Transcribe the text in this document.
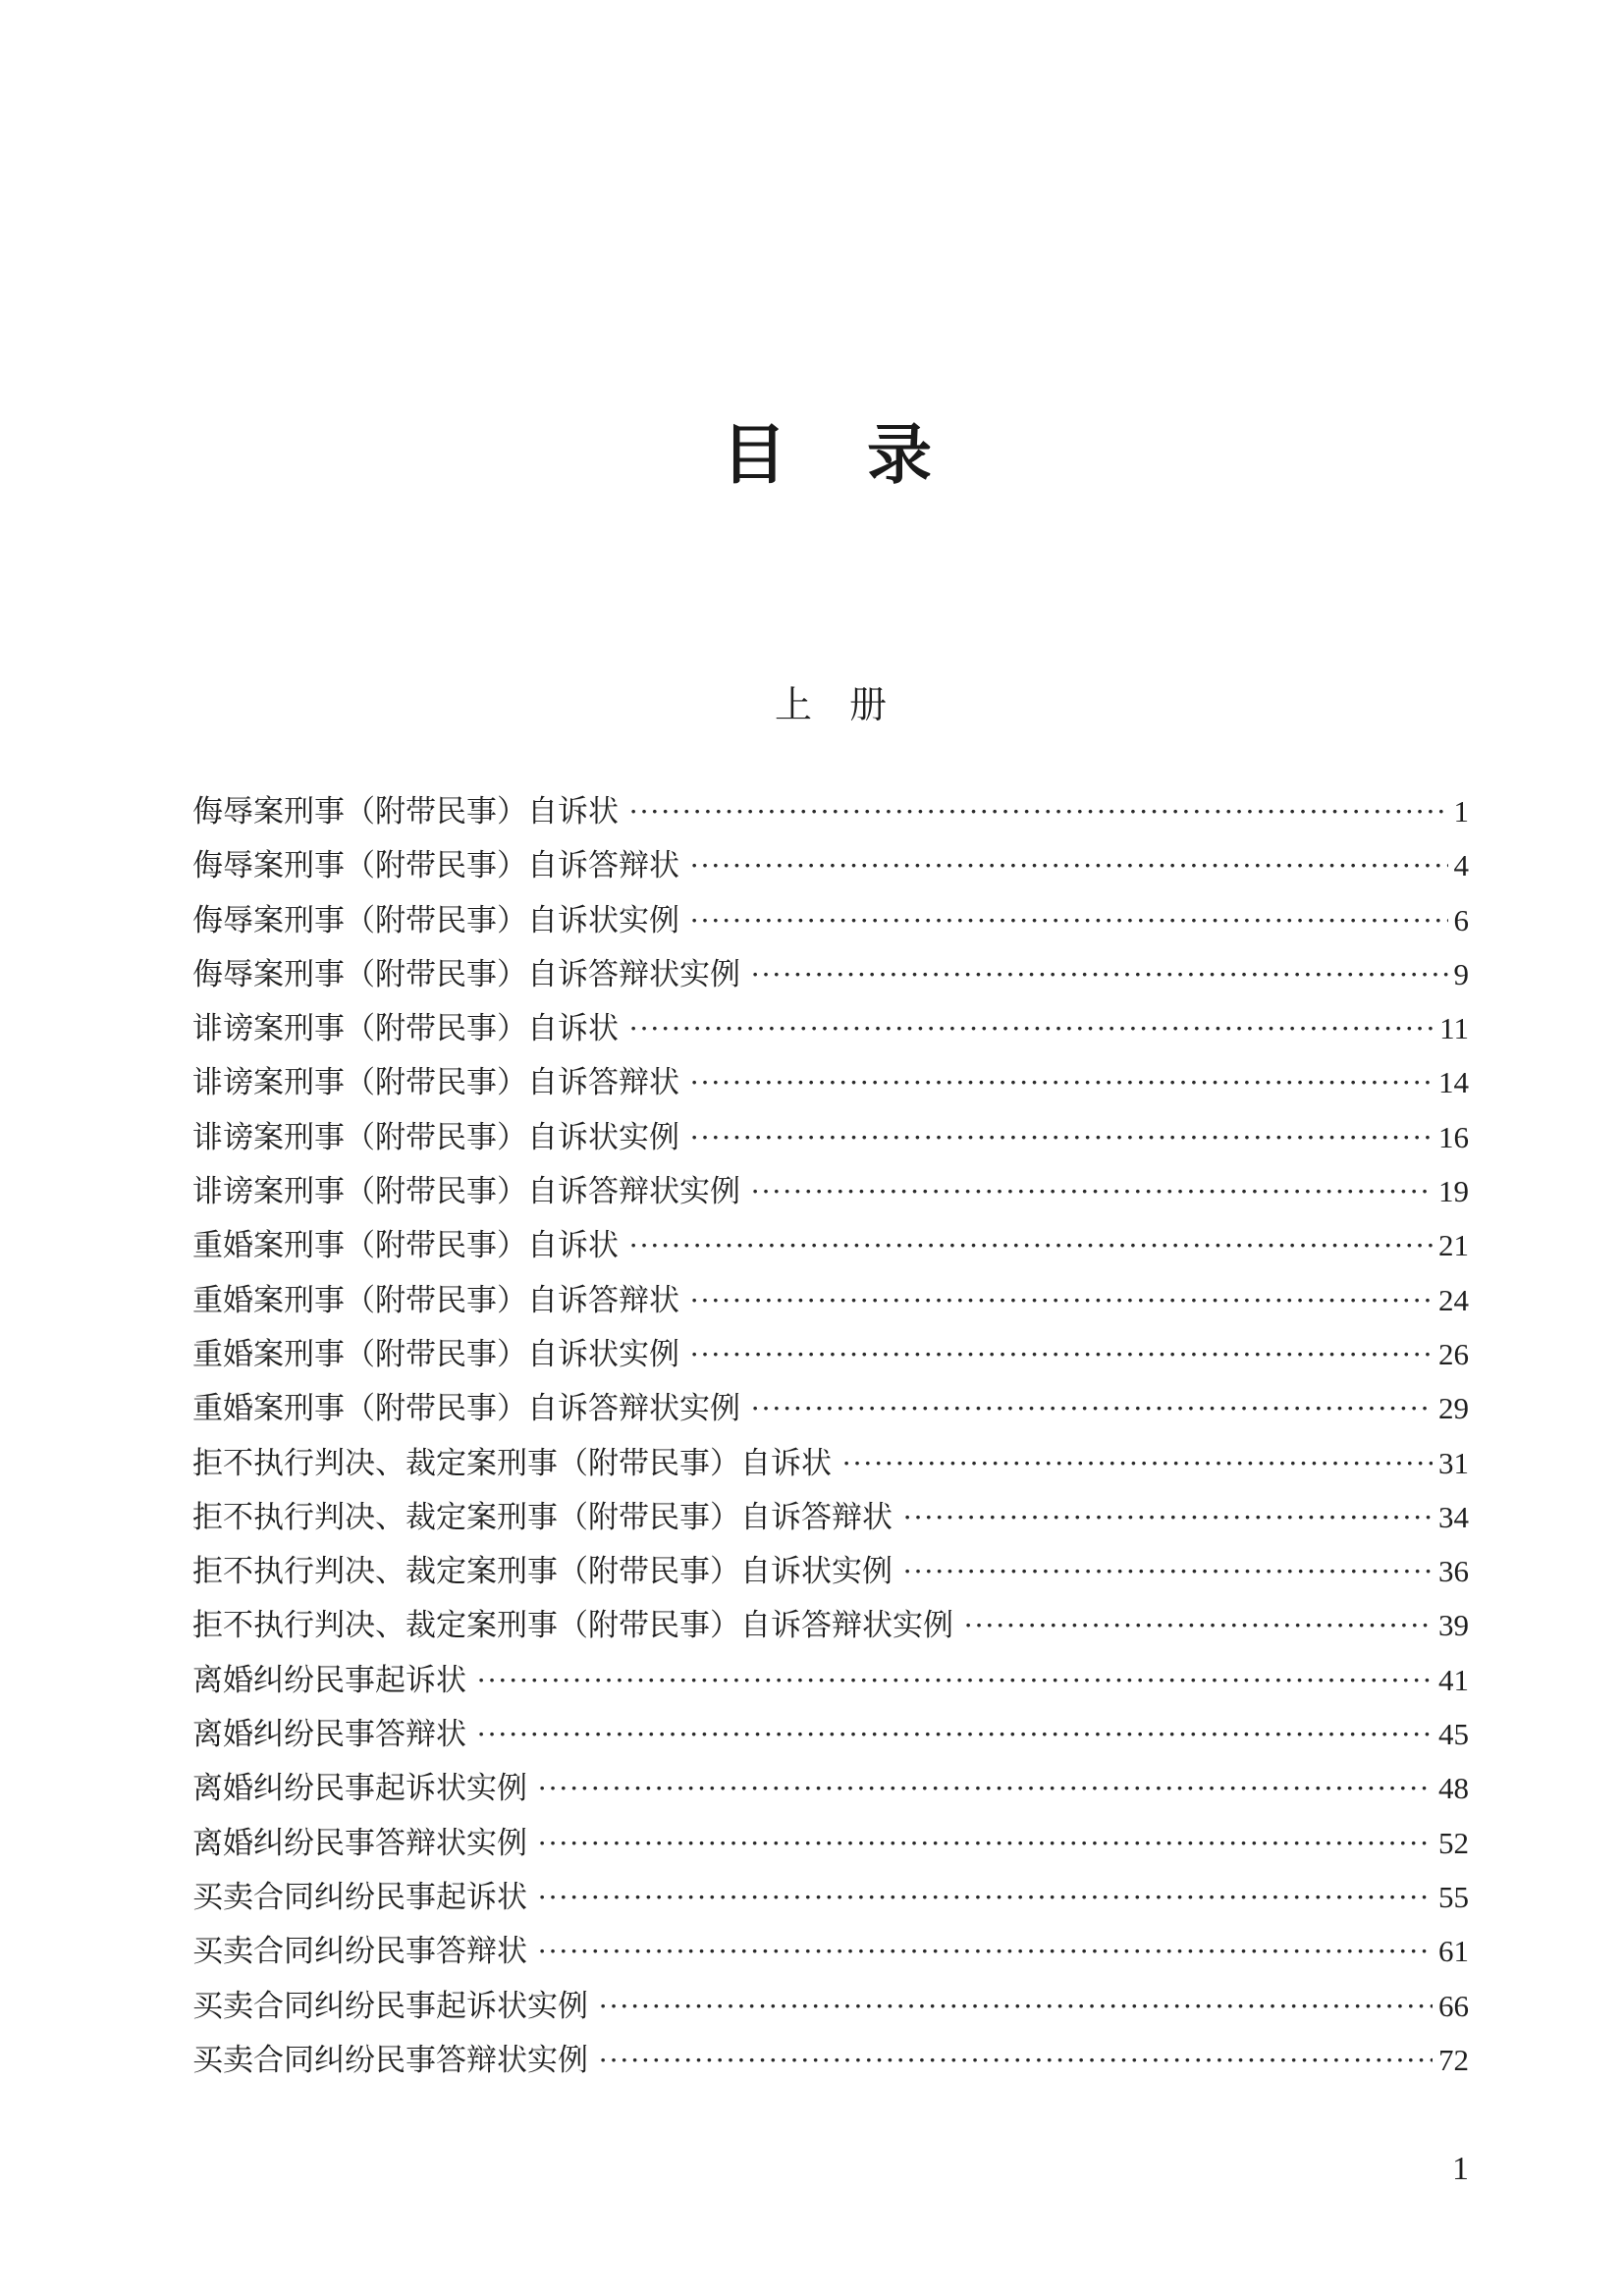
目　录
上　册
侮辱案刑事（附带民事）自诉状 ·····	1
侮辱案刑事（附带民事）自诉答辩状 ·····	4
侮辱案刑事（附带民事）自诉状实例 ·····	6
侮辱案刑事（附带民事）自诉答辩状实例 ·····	9
诽谤案刑事（附带民事）自诉状 ·····	11
诽谤案刑事（附带民事）自诉答辩状 ·····	14
诽谤案刑事（附带民事）自诉状实例 ·····	16
诽谤案刑事（附带民事）自诉答辩状实例 ·····	19
重婚案刑事（附带民事）自诉状 ·····	21
重婚案刑事（附带民事）自诉答辩状 ·····	24
重婚案刑事（附带民事）自诉状实例 ·····	26
重婚案刑事（附带民事）自诉答辩状实例 ·····	29
拒不执行判决、裁定案刑事（附带民事）自诉状 ·····	31
拒不执行判决、裁定案刑事（附带民事）自诉答辩状 ·····	34
拒不执行判决、裁定案刑事（附带民事）自诉状实例 ·····	36
拒不执行判决、裁定案刑事（附带民事）自诉答辩状实例 ·····	39
离婚纠纷民事起诉状 ·····	41
离婚纠纷民事答辩状 ·····	45
离婚纠纷民事起诉状实例 ·····	48
离婚纠纷民事答辩状实例 ·····	52
买卖合同纠纷民事起诉状 ·····	55
买卖合同纠纷民事答辩状 ·····	61
买卖合同纠纷民事起诉状实例 ·····	66
买卖合同纠纷民事答辩状实例 ·····	72
1
